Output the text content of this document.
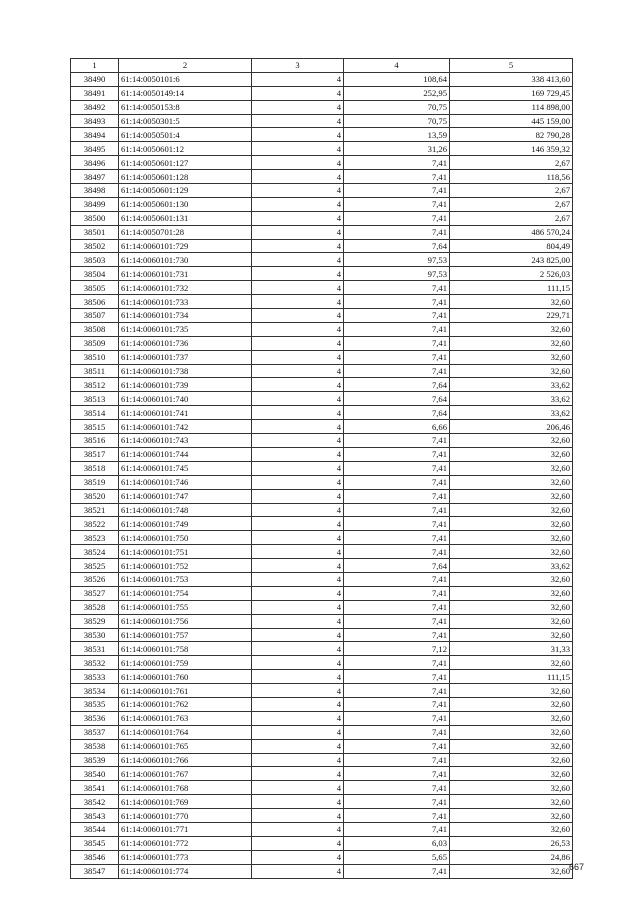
1	2	3	4	5
38490	61:14:0050101:6	4	108,64	338 413,60
38491	61:14:0050149:14	4	252,95	169 729,45
38492	61:14:0050153:8	4	70,75	114 898,00
38493	61:14:0050301:5	4	70,75	445 159,00
38494	61:14:0050501:4	4	13,59	82 790,28
38495	61:14:0050601:12	4	31,26	146 359,32
38496	61:14:0050601:127	4	7,41	2,67
38497	61:14:0050601:128	4	7,41	118,56
38498	61:14:0050601:129	4	7,41	2,67
38499	61:14:0050601:130	4	7,41	2,67
38500	61:14:0050601:131	4	7,41	2,67
38501	61:14:0050701:28	4	7,41	486 570,24
38502	61:14:0060101:729	4	7,64	804,49
38503	61:14:0060101:730	4	97,53	243 825,00
38504	61:14:0060101:731	4	97,53	2 526,03
38505	61:14:0060101:732	4	7,41	111,15
38506	61:14:0060101:733	4	7,41	32,60
38507	61:14:0060101:734	4	7,41	229,71
38508	61:14:0060101:735	4	7,41	32,60
38509	61:14:0060101:736	4	7,41	32,60
38510	61:14:0060101:737	4	7,41	32,60
38511	61:14:0060101:738	4	7,41	32,60
38512	61:14:0060101:739	4	7,64	33,62
38513	61:14:0060101:740	4	7,64	33,62
38514	61:14:0060101:741	4	7,64	33,62
38515	61:14:0060101:742	4	6,66	206,46
38516	61:14:0060101:743	4	7,41	32,60
38517	61:14:0060101:744	4	7,41	32,60
38518	61:14:0060101:745	4	7,41	32,60
38519	61:14:0060101:746	4	7,41	32,60
38520	61:14:0060101:747	4	7,41	32,60
38521	61:14:0060101:748	4	7,41	32,60
38522	61:14:0060101:749	4	7,41	32,60
38523	61:14:0060101:750	4	7,41	32,60
38524	61:14:0060101:751	4	7,41	32,60
38525	61:14:0060101:752	4	7,64	33,62
38526	61:14:0060101:753	4	7,41	32,60
38527	61:14:0060101:754	4	7,41	32,60
38528	61:14:0060101:755	4	7,41	32,60
38529	61:14:0060101:756	4	7,41	32,60
38530	61:14:0060101:757	4	7,41	32,60
38531	61:14:0060101:758	4	7,12	31,33
38532	61:14:0060101:759	4	7,41	32,60
38533	61:14:0060101:760	4	7,41	111,15
38534	61:14:0060101:761	4	7,41	32,60
38535	61:14:0060101:762	4	7,41	32,60
38536	61:14:0060101:763	4	7,41	32,60
38537	61:14:0060101:764	4	7,41	32,60
38538	61:14:0060101:765	4	7,41	32,60
38539	61:14:0060101:766	4	7,41	32,60
38540	61:14:0060101:767	4	7,41	32,60
38541	61:14:0060101:768	4	7,41	32,60
38542	61:14:0060101:769	4	7,41	32,60
38543	61:14:0060101:770	4	7,41	32,60
38544	61:14:0060101:771	4	7,41	32,60
38545	61:14:0060101:772	4	6,03	26,53
38546	61:14:0060101:773	4	5,65	24,86
38547	61:14:0060101:774	4	7,41	32,60
667
